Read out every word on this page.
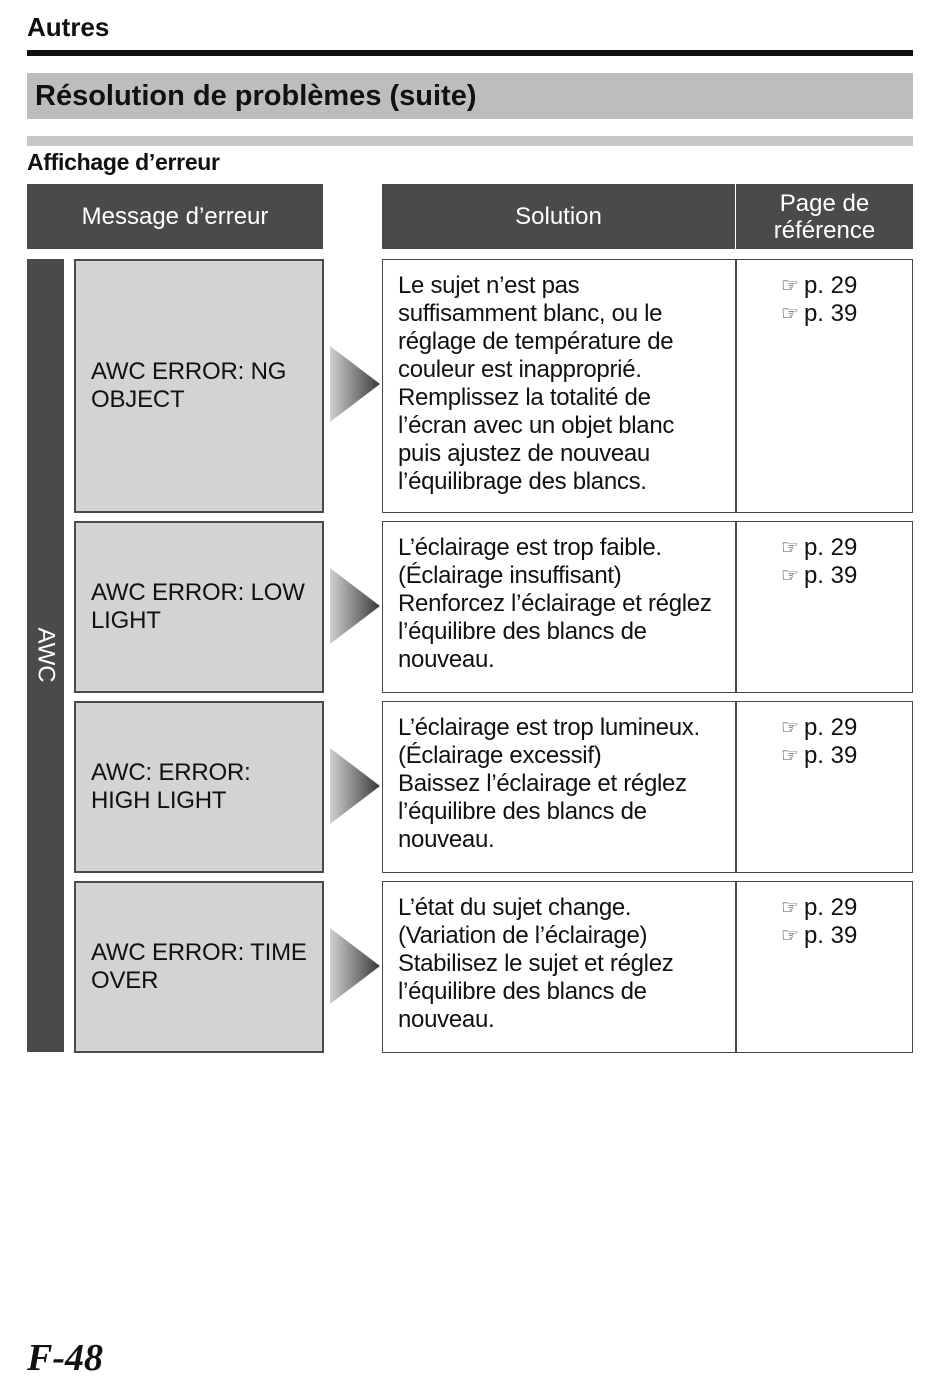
Autres
Résolution de problèmes (suite)
Affichage d’erreur
Message d’erreur	Solution	Page de
référence
AWC
AWC ERROR: NG
OBJECT
Le sujet n’est pas
suffisamment blanc, ou le
réglage de température de
couleur est inapproprié.
Remplissez la totalité de
l’écran avec un objet blanc
puis ajustez de nouveau
l’équilibrage des blancs.
☞ p. 29
☞ p. 39
AWC ERROR: LOW
LIGHT
L’éclairage est trop faible.
(Éclairage insuffisant)
Renforcez l’éclairage et réglez
l’équilibre des blancs de
nouveau.
☞ p. 29
☞ p. 39
AWC: ERROR:
HIGH LIGHT
L’éclairage est trop lumineux.
(Éclairage excessif)
Baissez l’éclairage et réglez
l’équilibre des blancs de
nouveau.
☞ p. 29
☞ p. 39
AWC ERROR: TIME
OVER
L’état du sujet change.
(Variation de l’éclairage)
Stabilisez le sujet et réglez
l’équilibre des blancs de
nouveau.
☞ p. 29
☞ p. 39
F-48
